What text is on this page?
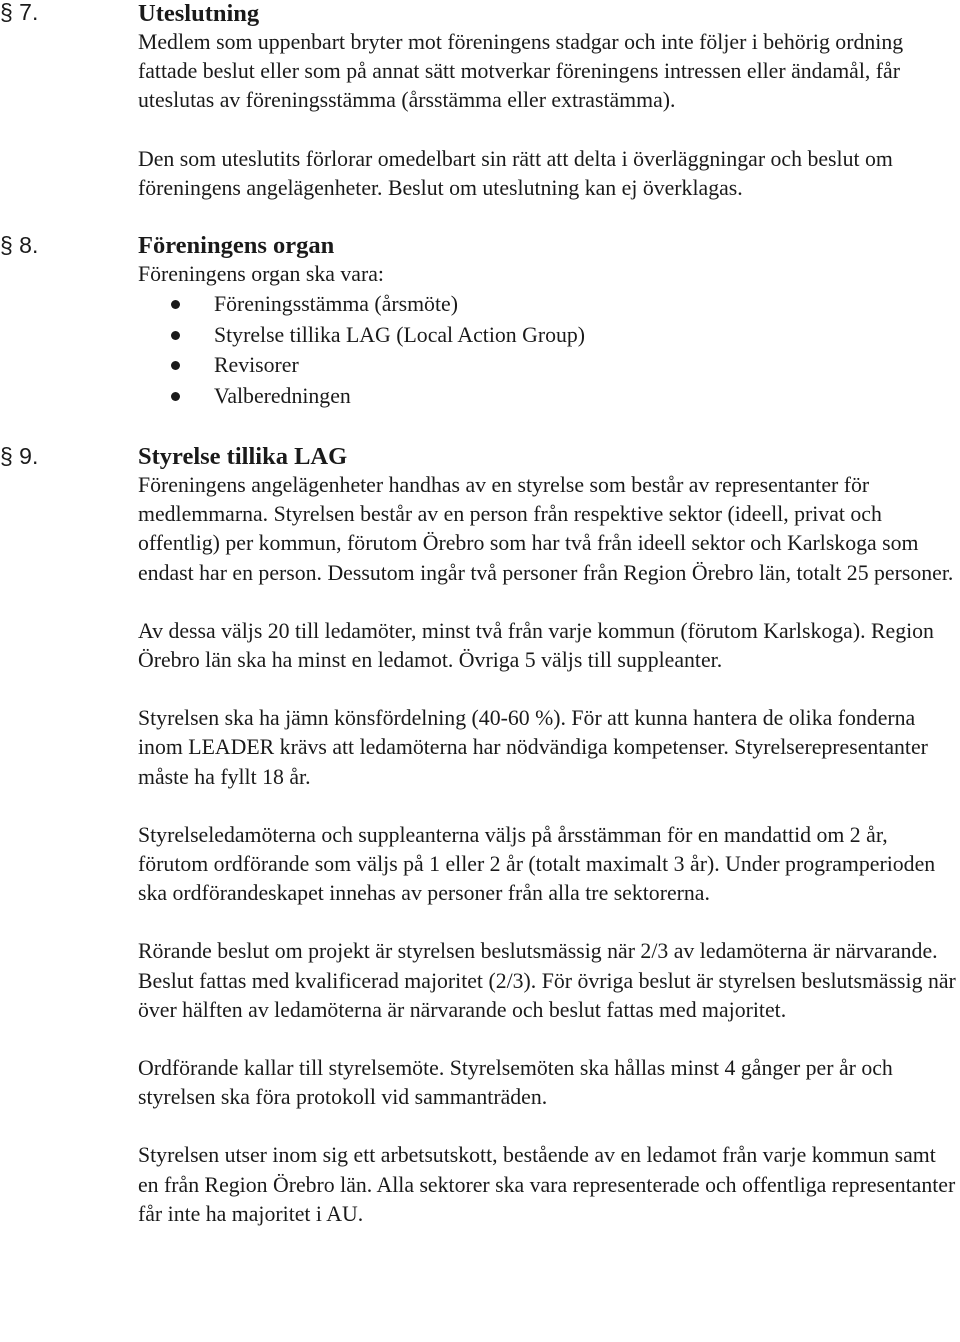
§ 7.	Uteslutning

Medlem som uppenbart bryter mot föreningens stadgar och inte följer i behörig ordning fattade beslut eller som på annat sätt motverkar föreningens intressen eller ändamål, får uteslutas av föreningsstämma (årsstämma eller extrastämma).

Den som uteslutits förlorar omedelbart sin rätt att delta i överläggningar och beslut om föreningens angelägenheter. Beslut om uteslutning kan ej överklagas.

§ 8.	Föreningens organ

Föreningens organ ska vara:

Föreningsstämma (årsmöte)
Styrelse tillika LAG (Local Action Group)
Revisorer
Valberedningen
§ 9.	Styrelse tillika LAG

Föreningens angelägenheter handhas av en styrelse som består av representanter för medlemmarna. Styrelsen består av en person från respektive sektor (ideell, privat och offentlig) per kommun, förutom Örebro som har två från ideell sektor och Karlskoga som endast har en person. Dessutom ingår två personer från Region Örebro län, totalt 25 personer.

Av dessa väljs 20 till ledamöter, minst två från varje kommun (förutom Karlskoga). Region Örebro län ska ha minst en ledamot. Övriga 5 väljs till suppleanter.

Styrelsen ska ha jämn könsfördelning (40-60 %). För att kunna hantera de olika fonderna inom LEADER krävs att ledamöterna har nödvändiga kompetenser. Styrelserepresentanter måste ha fyllt 18 år.

Styrelseledamöterna och suppleanterna väljs på årsstämman för en mandattid om 2 år, förutom ordförande som väljs på 1 eller 2 år (totalt maximalt 3 år). Under programperioden ska ordförandeskapet innehas av personer från alla tre sektorerna.

Rörande beslut om projekt är styrelsen beslutsmässig när 2/3 av ledamöterna är närvarande. Beslut fattas med kvalificerad majoritet (2/3). För övriga beslut är styrelsen beslutsmässig när över hälften av ledamöterna är närvarande och beslut fattas med majoritet.

Ordförande kallar till styrelsemöte. Styrelsemöten ska hållas minst 4 gånger per år och styrelsen ska föra protokoll vid sammanträden.

Styrelsen utser inom sig ett arbetsutskott, bestående av en ledamot från varje kommun samt en från Region Örebro län. Alla sektorer ska vara representerade och offentliga representanter får inte ha majoritet i AU.
